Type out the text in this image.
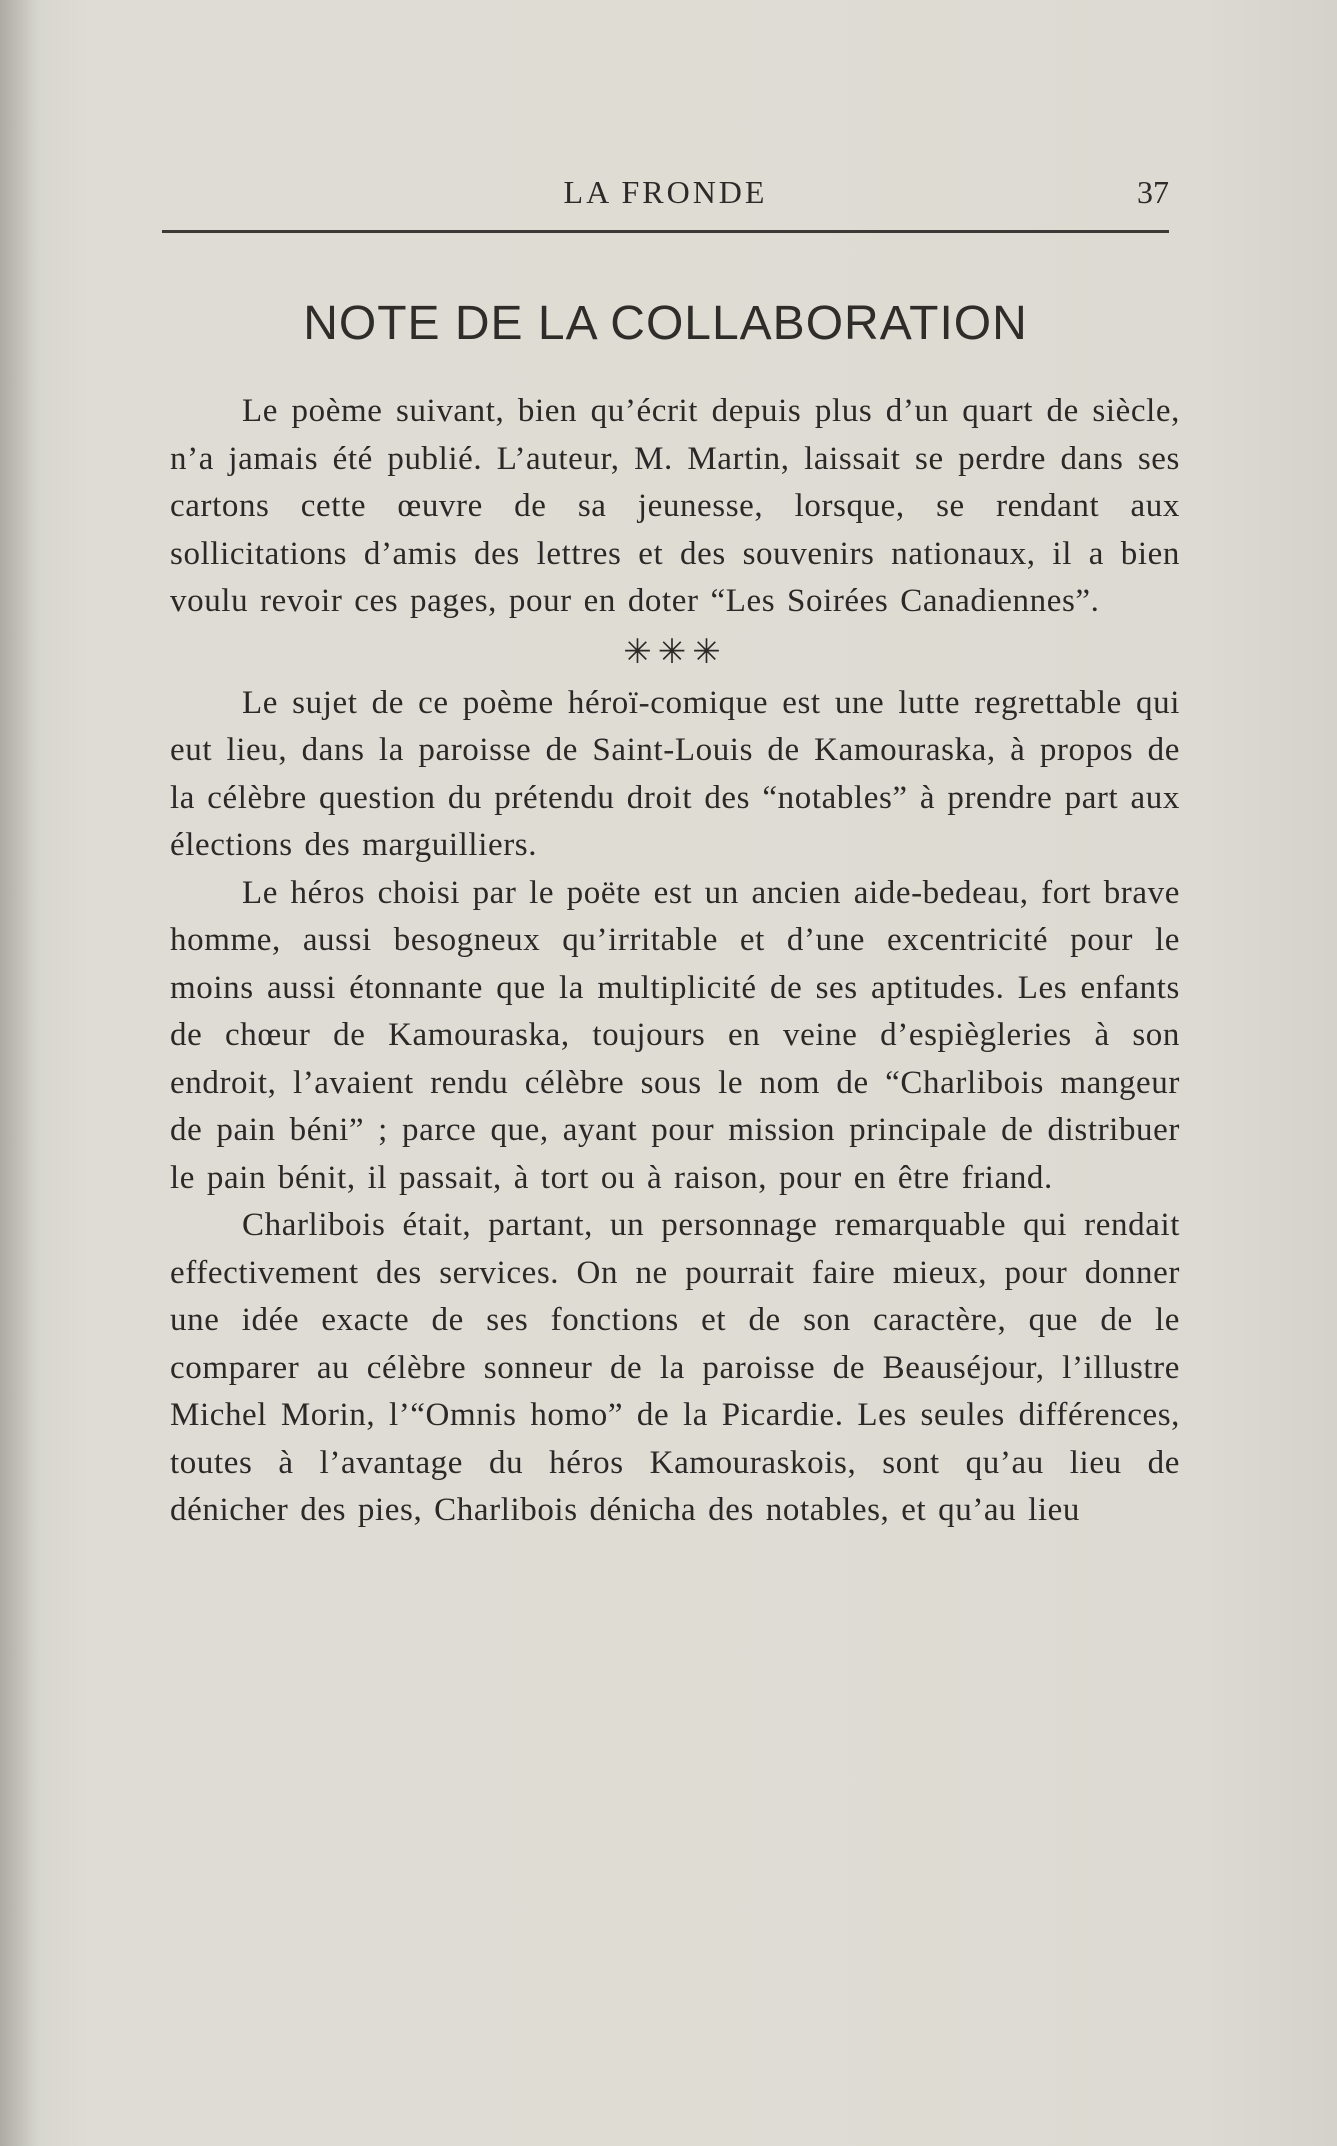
LA FRONDE	37
NOTE DE LA COLLABORATION

Le poème suivant, bien qu’écrit depuis plus d’un quart de siècle, n’a jamais été publié. L’auteur, M. Martin, laissait se perdre dans ses cartons cette œuvre de sa jeunesse, lorsque, se rendant aux sollicitations d’amis des lettres et des souvenirs nationaux, il a bien voulu revoir ces pages, pour en doter “Les Soirées Canadiennes”.

✳✳✳

Le sujet de ce poème héroï-comique est une lutte regrettable qui eut lieu, dans la paroisse de Saint-Louis de Kamouraska, à propos de la célèbre question du prétendu droit des “notables” à prendre part aux élections des marguilliers.

Le héros choisi par le poëte est un ancien aide-bedeau, fort brave homme, aussi besogneux qu’irritable et d’une excentricité pour le moins aussi étonnante que la multiplicité de ses aptitudes. Les enfants de chœur de Kamouraska, toujours en veine d’espiègleries à son endroit, l’avaient rendu célèbre sous le nom de “Charlibois mangeur de pain béni” ; parce que, ayant pour mission principale de distribuer le pain bénit, il passait, à tort ou à raison, pour en être friand.

Charlibois était, partant, un personnage remarquable qui rendait effectivement des services. On ne pourrait faire mieux, pour donner une idée exacte de ses fonctions et de son caractère, que de le comparer au célèbre sonneur de la paroisse de Beauséjour, l’illustre Michel Morin, l’“Omnis homo” de la Picardie. Les seules différences, toutes à l’avantage du héros Kamouraskois, sont qu’au lieu de dénicher des pies, Charlibois dénicha des notables, et qu’au lieu
